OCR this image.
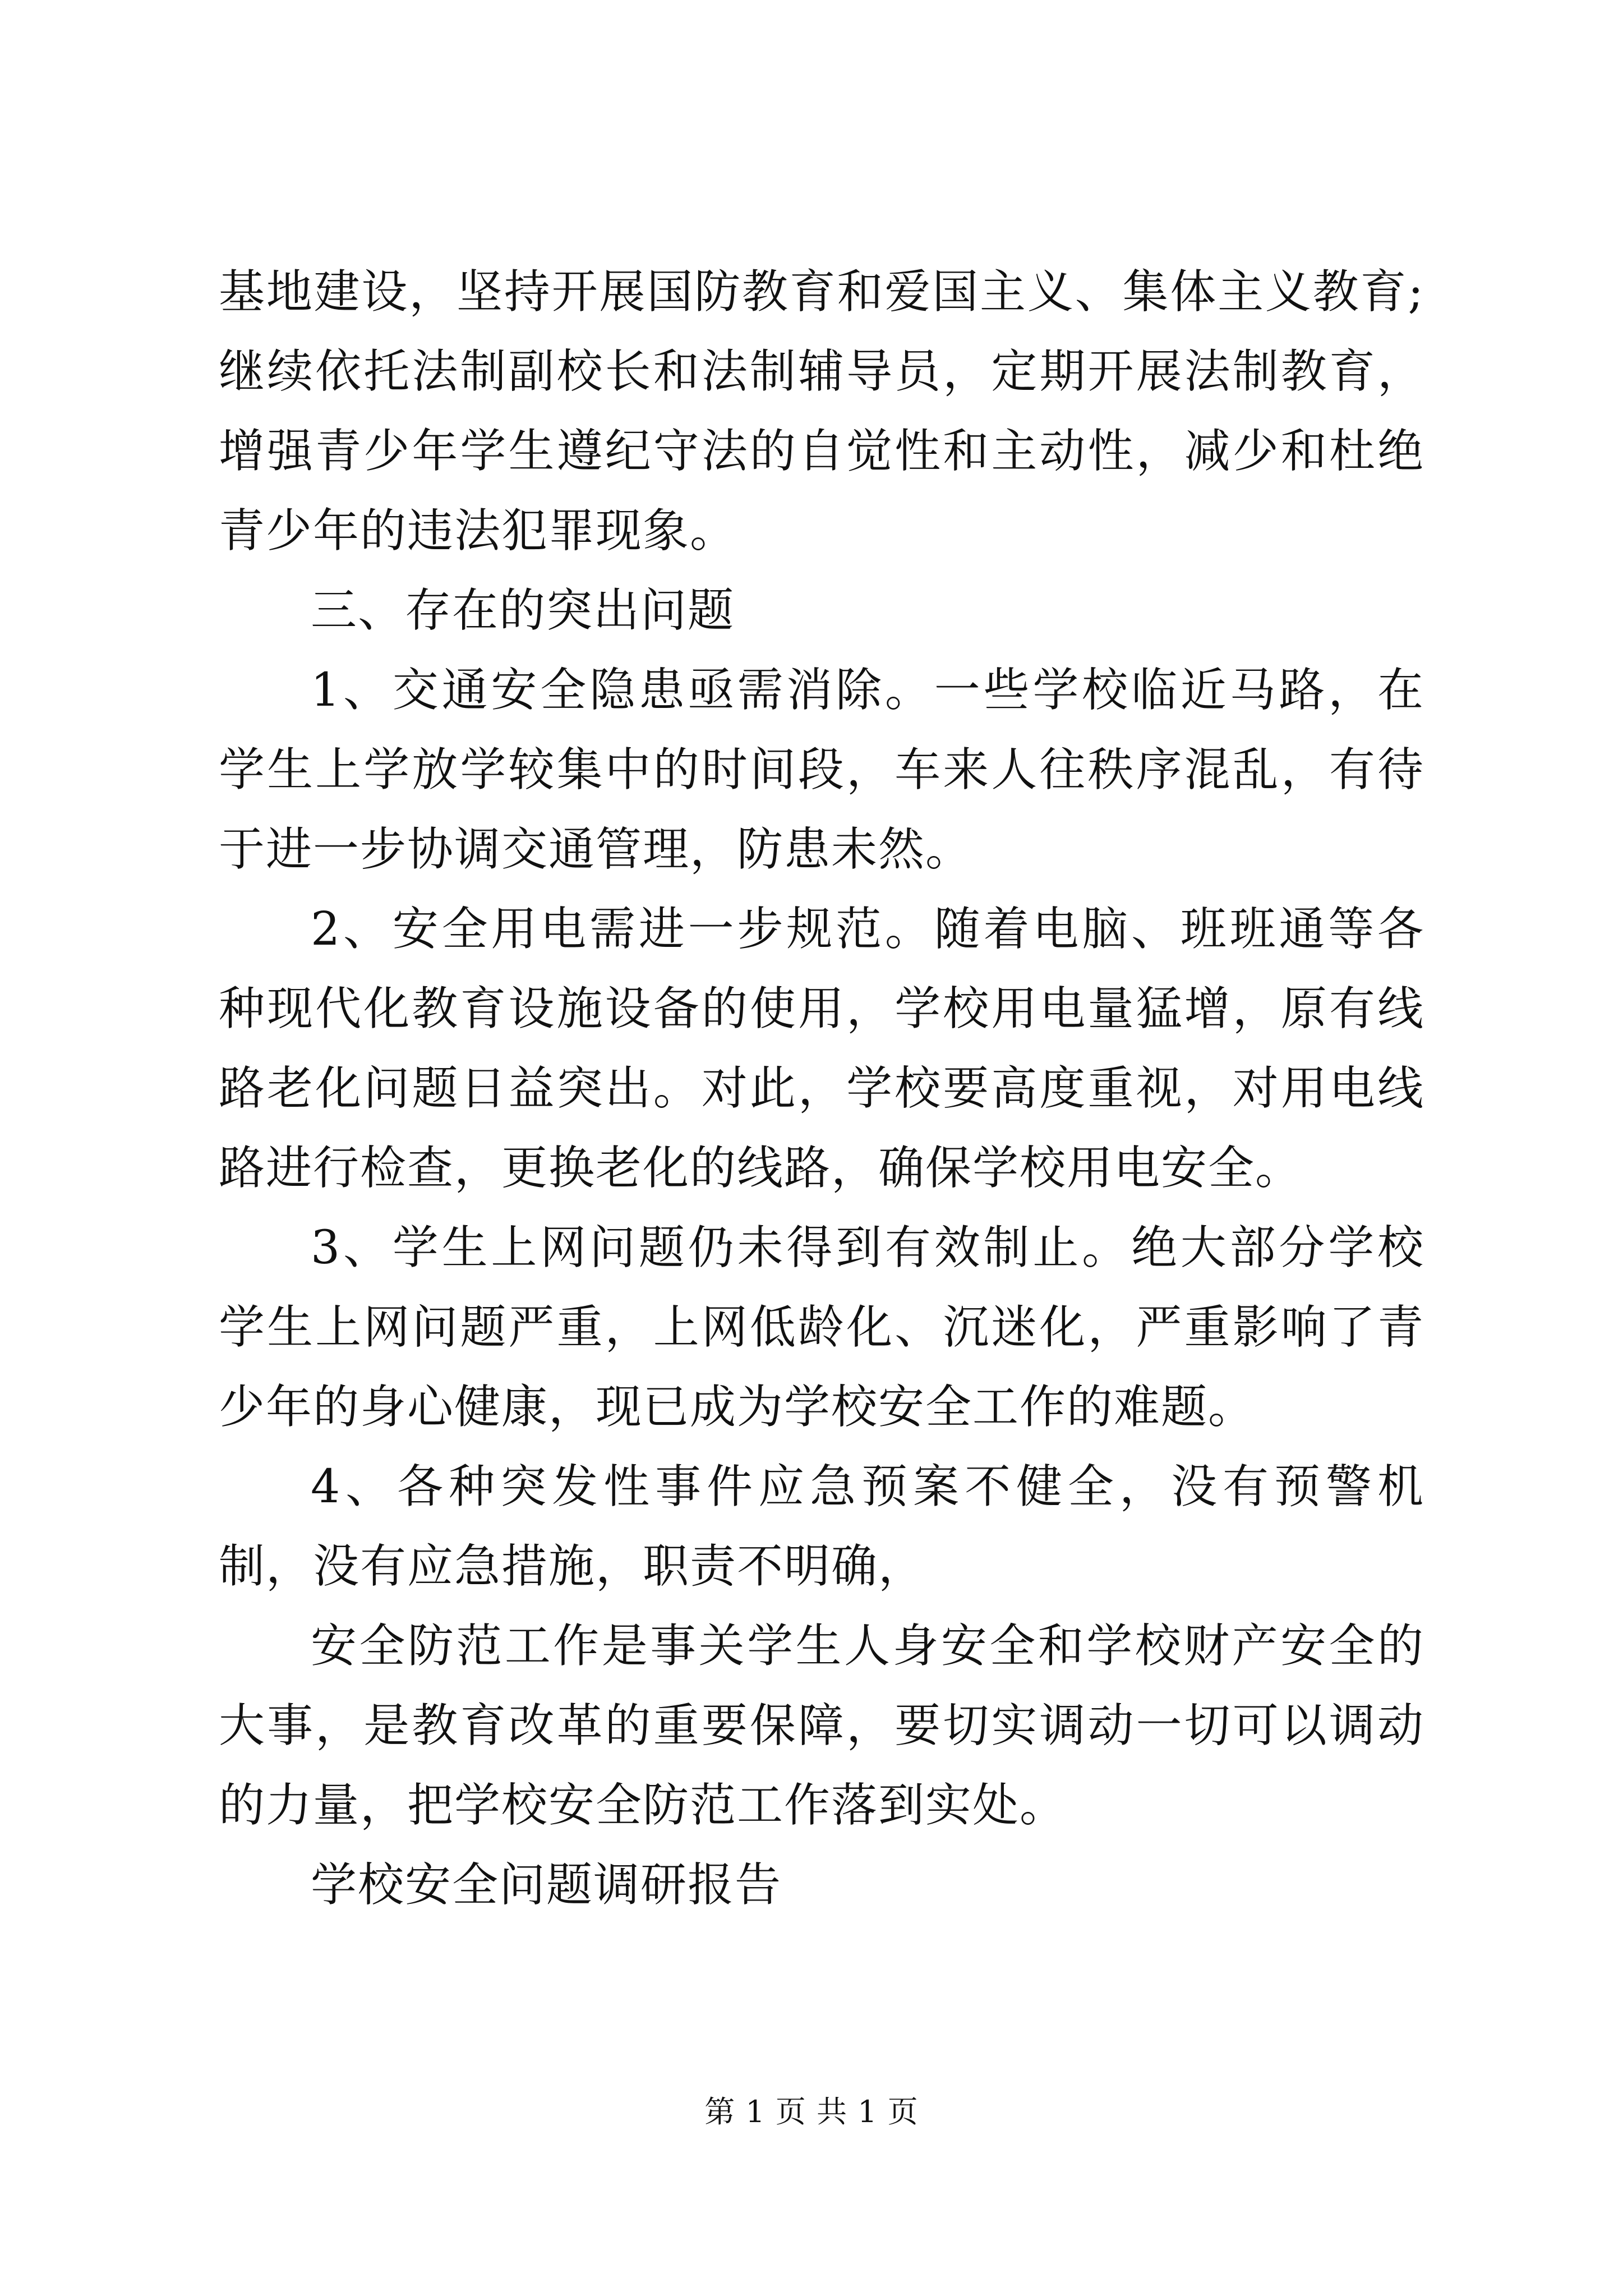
基地建设，坚持开展国防教育和爱国主义、集体主义教育;继续依托法制副校长和法制辅导员，定期开展法制教育，增强青少年学生遵纪守法的自觉性和主动性，减少和杜绝青少年的违法犯罪现象。

三、存在的突出问题

1、交通安全隐患亟需消除。一些学校临近马路，在学生上学放学较集中的时间段，车来人往秩序混乱，有待于进一步协调交通管理，防患未然。

2、安全用电需进一步规范。随着电脑、班班通等各种现代化教育设施设备的使用，学校用电量猛增，原有线路老化问题日益突出。对此，学校要高度重视，对用电线路进行检查，更换老化的线路，确保学校用电安全。

3、学生上网问题仍未得到有效制止。绝大部分学校学生上网问题严重，上网低龄化、沉迷化，严重影响了青少年的身心健康，现已成为学校安全工作的难题。

4、各种突发性事件应急预案不健全，没有预警机制，没有应急措施，职责不明确，

安全防范工作是事关学生人身安全和学校财产安全的大事，是教育改革的重要保障，要切实调动一切可以调动的力量，把学校安全防范工作落到实处。

学校安全问题调研报告

第 1 页 共 1 页
